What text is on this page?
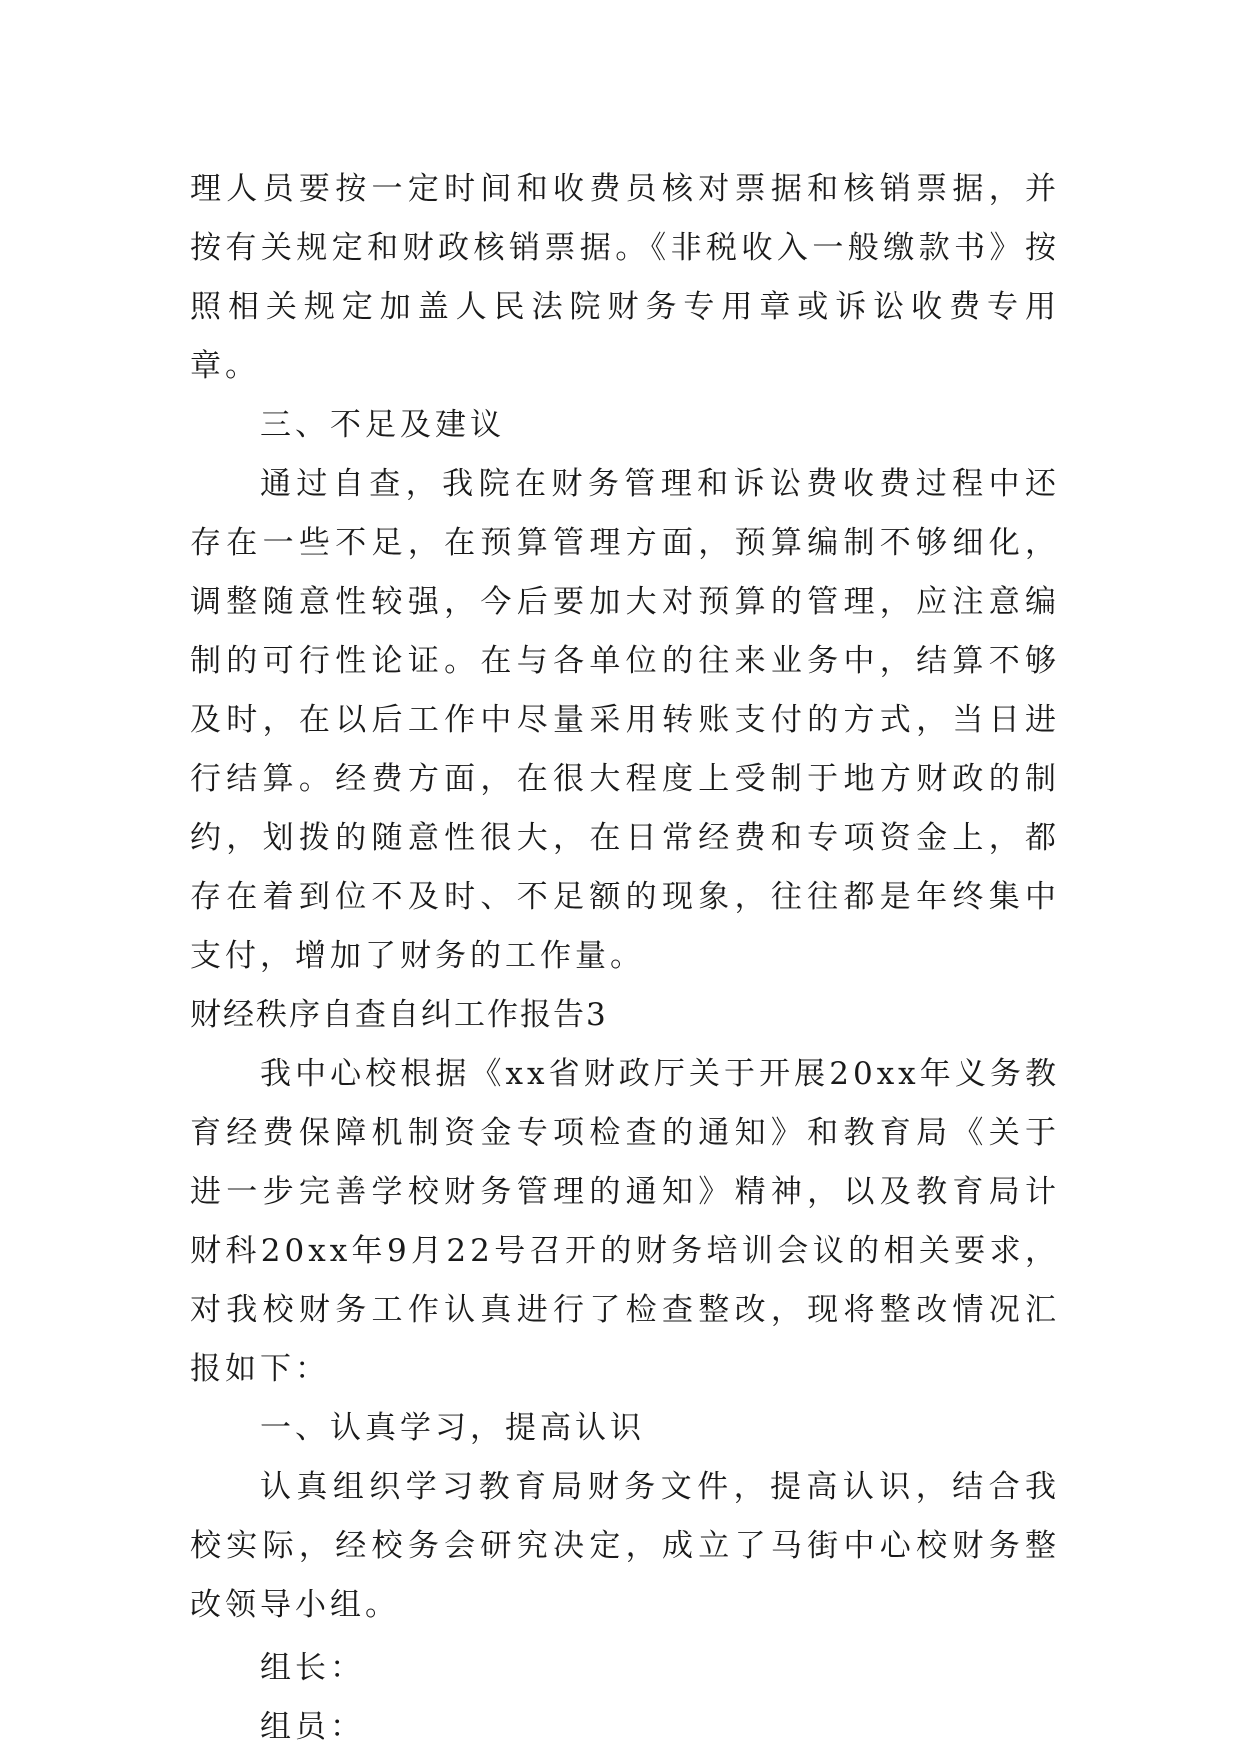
理人员要按一定时间和收费员核对票据和核销票据，并按有关规定和财政核销票据。《非税收入一般缴款书》按照相关规定加盖人民法院财务专用章或诉讼收费专用章。

三、不足及建议

通过自查，我院在财务管理和诉讼费收费过程中还存在一些不足，在预算管理方面，预算编制不够细化，调整随意性较强，今后要加大对预算的管理，应注意编制的可行性论证。在与各单位的往来业务中，结算不够及时，在以后工作中尽量采用转账支付的方式，当日进行结算。经费方面，在很大程度上受制于地方财政的制约，划拨的随意性很大，在日常经费和专项资金上，都存在着到位不及时、不足额的现象，往往都是年终集中支付，增加了财务的工作量。

财经秩序自查自纠工作报告3

我中心校根据《xx省财政厅关于开展20xx年义务教育经费保障机制资金专项检查的通知》和教育局《关于进一步完善学校财务管理的通知》精神，以及教育局计财科20xx年9月22号召开的财务培训会议的相关要求，对我校财务工作认真进行了检查整改，现将整改情况汇报如下：

一、认真学习，提高认识

认真组织学习教育局财务文件，提高认识，结合我校实际，经校务会研究决定，成立了马街中心校财务整改领导小组。

组长：

组员：
